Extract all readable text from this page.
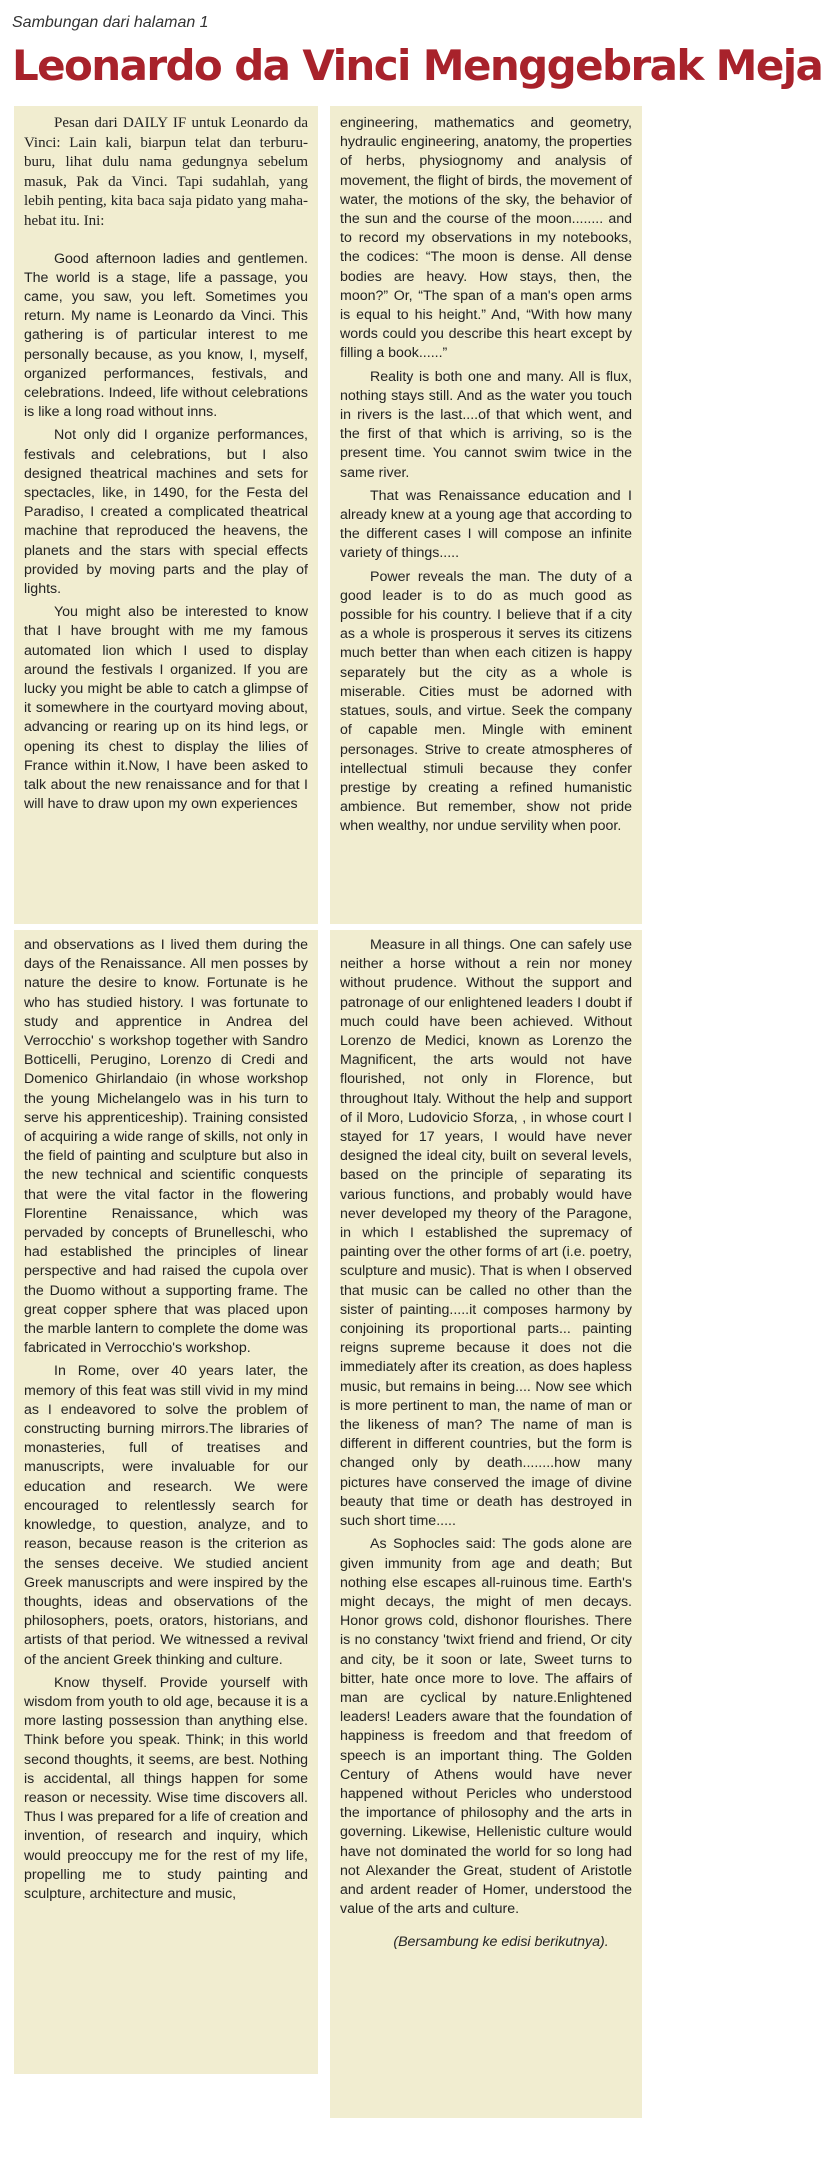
Sambungan dari halaman 1
Leonardo da Vinci Menggebrak Meja

Pesan dari DAILY IF untuk Leonardo da Vinci: Lain kali, biarpun telat dan terburu-buru, lihat dulu nama gedungnya sebelum masuk, Pak da Vinci. Tapi sudahlah, yang lebih penting, kita baca saja pidato yang maha-hebat itu. Ini:

Good afternoon ladies and gentlemen. The world is a stage, life a passage, you came, you saw, you left. Sometimes you return. My name is Leonardo da Vinci. This gathering is of particular interest to me personally because, as you know, I, myself, organized performances, festivals, and celebrations. Indeed, life without celebrations is like a long road without inns.

Not only did I organize performances, festivals and celebrations, but I also designed theatrical machines and sets for spectacles, like, in 1490, for the Festa del Paradiso, I created a complicated theatrical machine that reproduced the heavens, the planets and the stars with special effects provided by moving parts and the play of lights.

You might also be interested to know that I have brought with me my famous automated lion which I used to display around the festivals I organized. If you are lucky you might be able to catch a glimpse of it somewhere in the courtyard moving about, advancing or rearing up on its hind legs, or opening its chest to display the lilies of France within it.Now, I have been asked to talk about the new renaissance and for that I will have to draw upon my own experiences

and observations as I lived them during the days of the Renaissance. All men posses by nature the desire to know. Fortunate is he who has studied history. I was fortunate to study and apprentice in Andrea del Verrocchio' s workshop together with Sandro Botticelli, Perugino, Lorenzo di Credi and Domenico Ghirlandaio (in whose workshop the young Michelangelo was in his turn to serve his apprenticeship). Training consisted of acquiring a wide range of skills, not only in the field of painting and sculpture but also in the new technical and scientific conquests that were the vital factor in the flowering Florentine Renaissance, which was pervaded by concepts of Brunelleschi, who had established the principles of linear perspective and had raised the cupola over the Duomo without a supporting frame. The great copper sphere that was placed upon the marble lantern to complete the dome was fabricated in Verrocchio's workshop.

In Rome, over 40 years later, the memory of this feat was still vivid in my mind as I endeavored to solve the problem of constructing burning mirrors.The libraries of monasteries, full of treatises and manuscripts, were invaluable for our education and research. We were encouraged to relentlessly search for knowledge, to question, analyze, and to reason, because reason is the criterion as the senses deceive. We studied ancient Greek manuscripts and were inspired by the thoughts, ideas and observations of the philosophers, poets, orators, historians, and artists of that period. We witnessed a revival of the ancient Greek thinking and culture.

Know thyself. Provide yourself with wisdom from youth to old age, because it is a more lasting possession than anything else. Think before you speak. Think; in this world second thoughts, it seems, are best. Nothing is accidental, all things happen for some reason or necessity. Wise time discovers all. Thus I was prepared for a life of creation and invention, of research and inquiry, which would preoccupy me for the rest of my life, propelling me to study painting and sculpture, architecture and music,

engineering, mathematics and geometry, hydraulic engineering, anatomy, the properties of herbs, physiognomy and analysis of movement, the flight of birds, the movement of water, the motions of the sky, the behavior of the sun and the course of the moon........ and to record my observations in my notebooks, the codices: “The moon is dense. All dense bodies are heavy. How stays, then, the moon?” Or, “The span of a man's open arms is equal to his height.” And, “With how many words could you describe this heart except by filling a book......”

Reality is both one and many. All is flux, nothing stays still. And as the water you touch in rivers is the last....of that which went, and the first of that which is arriving, so is the present time. You cannot swim twice in the same river.

That was Renaissance education and I already knew at a young age that according to the different cases I will compose an infinite variety of things.....

Power reveals the man. The duty of a good leader is to do as much good as possible for his country. I believe that if a city as a whole is prosperous it serves its citizens much better than when each citizen is happy separately but the city as a whole is miserable. Cities must be adorned with statues, souls, and virtue. Seek the company of capable men. Mingle with eminent personages. Strive to create atmospheres of intellectual stimuli because they confer prestige by creating a refined humanistic ambience. But remember, show not pride when wealthy, nor undue servility when poor.

Measure in all things. One can safely use neither a horse without a rein nor money without prudence. Without the support and patronage of our enlightened leaders I doubt if much could have been achieved. Without Lorenzo de Medici, known as Lorenzo the Magnificent, the arts would not have flourished, not only in Florence, but throughout Italy. Without the help and support of il Moro, Ludovicio Sforza, , in whose court I stayed for 17 years, I would have never designed the ideal city, built on several levels, based on the principle of separating its various functions, and probably would have never developed my theory of the Paragone, in which I established the supremacy of painting over the other forms of art (i.e. poetry, sculpture and music). That is when I observed that music can be called no other than the sister of painting.....it composes harmony by conjoining its proportional parts... painting reigns supreme because it does not die immediately after its creation, as does hapless music, but remains in being.... Now see which is more pertinent to man, the name of man or the likeness of man? The name of man is different in different countries, but the form is changed only by death........how many pictures have conserved the image of divine beauty that time or death has destroyed in such short time.....

As Sophocles said: The gods alone are given immunity from age and death; But nothing else escapes all-ruinous time. Earth's might decays, the might of men decays. Honor grows cold, dishonor flourishes. There is no constancy 'twixt friend and friend, Or city and city, be it soon or late, Sweet turns to bitter, hate once more to love. The affairs of man are cyclical by nature.Enlightened leaders! Leaders aware that the foundation of happiness is freedom and that freedom of speech is an important thing. The Golden Century of Athens would have never happened without Pericles who understood the importance of philosophy and the arts in governing. Likewise, Hellenistic culture would have not dominated the world for so long had not Alexander the Great, student of Aristotle and ardent reader of Homer, understood the value of the arts and culture.

(Bersambung ke edisi berikutnya).
